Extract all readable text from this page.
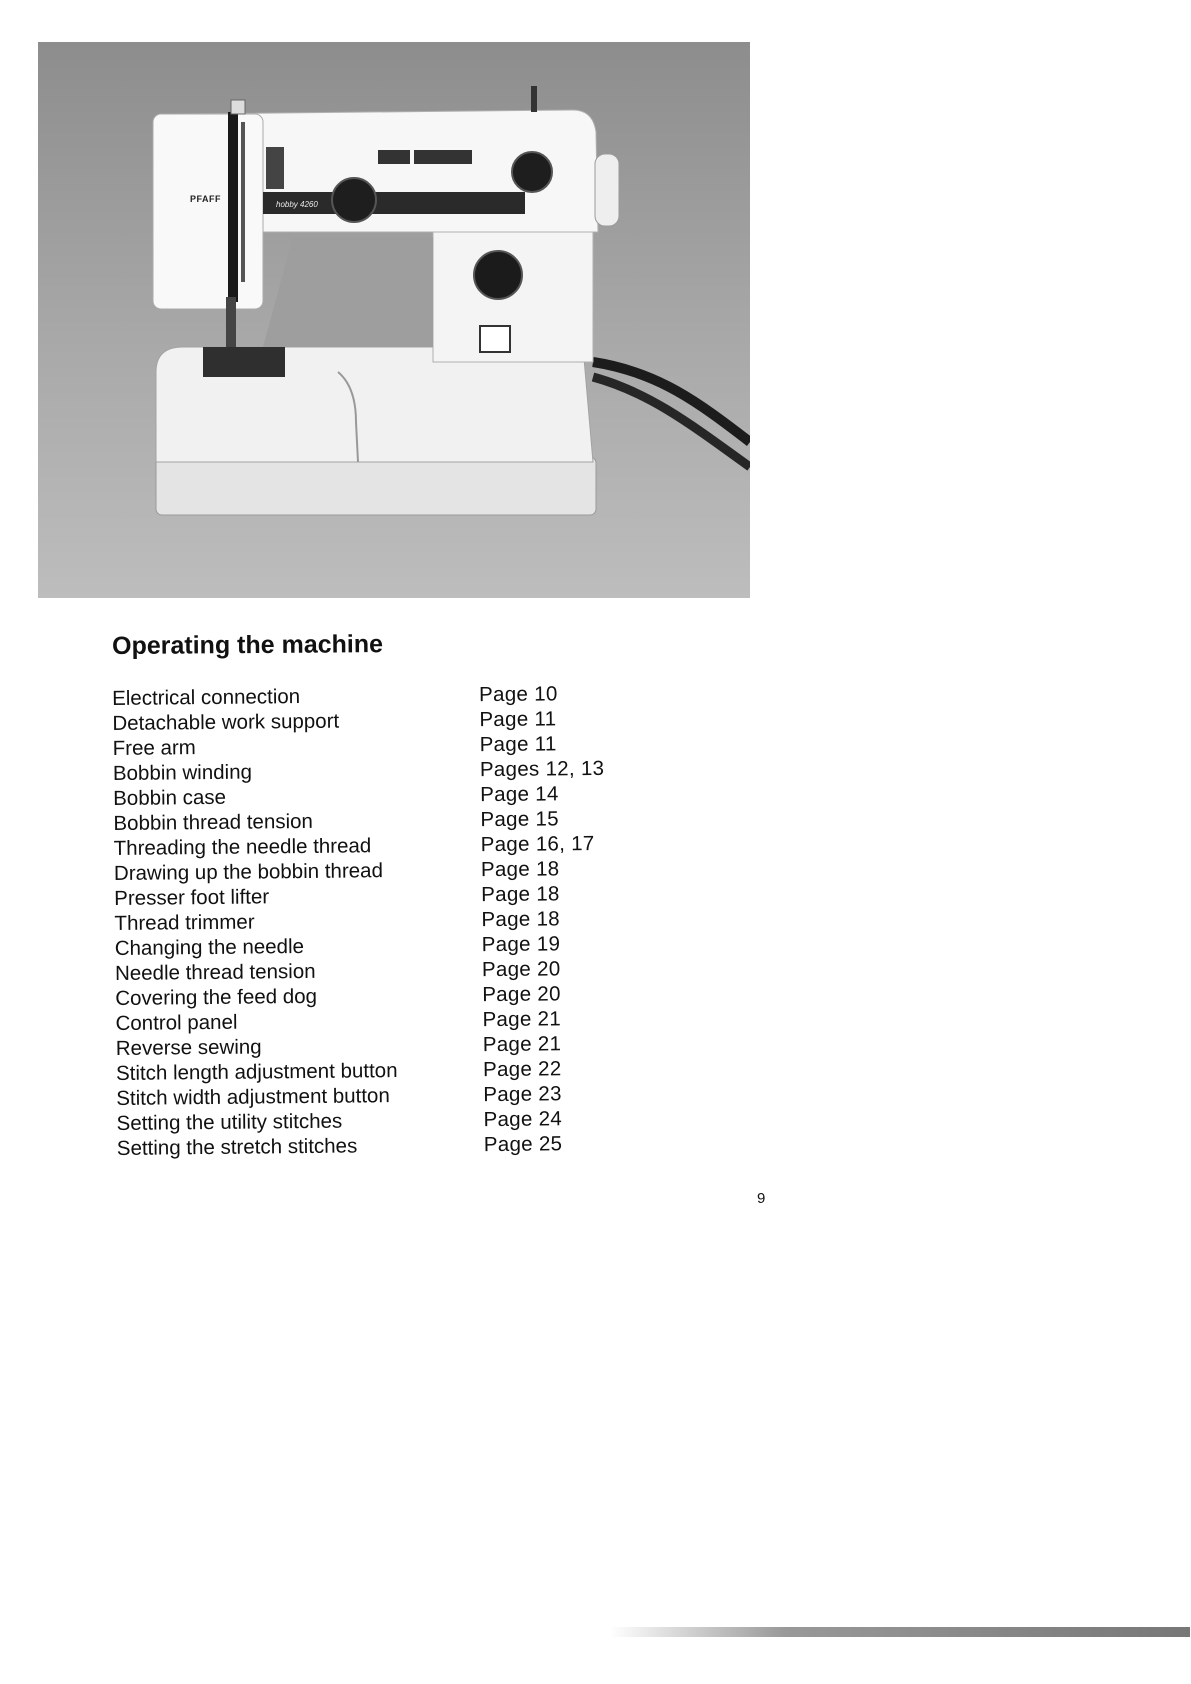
hobby 4260
PFAFF
Operating the machine
Electrical connection	Page 10
Detachable work support	Page 11
Free arm	Page 11
Bobbin winding	Pages 12, 13
Bobbin case	Page 14
Bobbin thread tension	Page 15
Threading the needle thread	Page 16, 17
Drawing up the bobbin thread	Page 18
Presser foot lifter	Page 18
Thread trimmer	Page 18
Changing the needle	Page 19
Needle thread tension	Page 20
Covering the feed dog	Page 20
Control panel	Page 21
Reverse sewing	Page 21
Stitch length adjustment button	Page 22
Stitch width adjustment button	Page 23
Setting the utility stitches	Page 24
Setting the stretch stitches	Page 25
9
